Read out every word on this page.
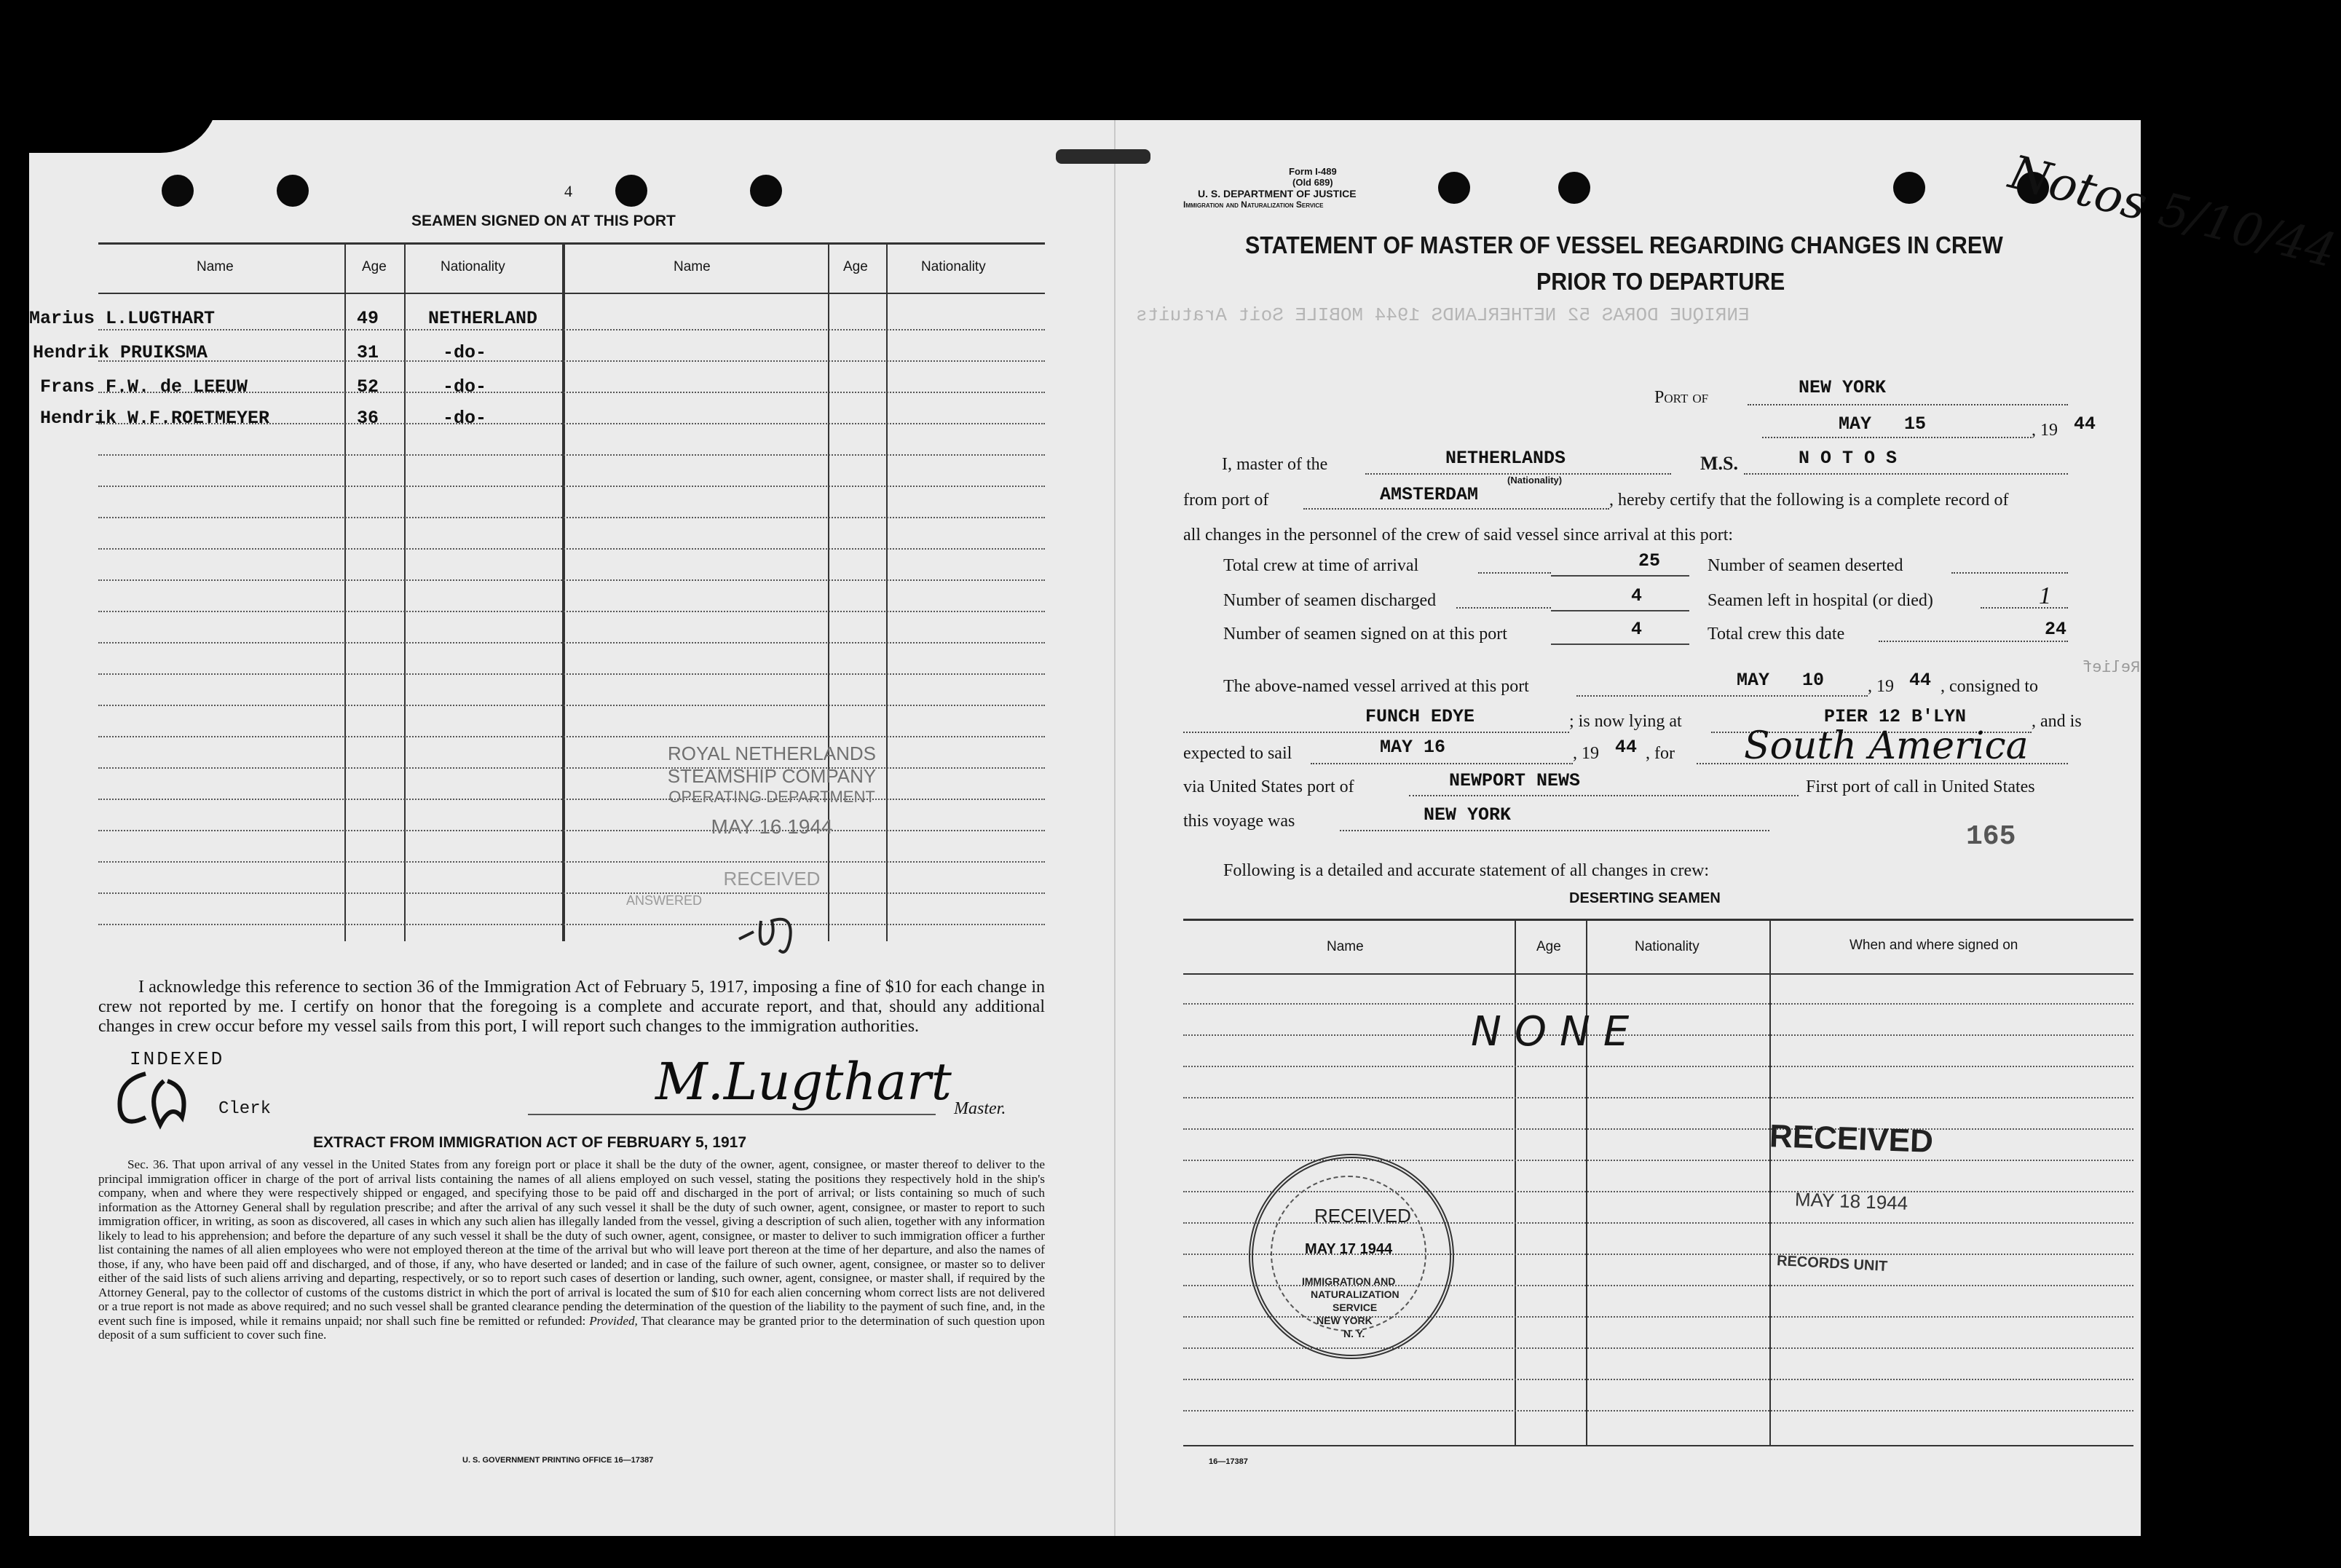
4
SEAMEN SIGNED ON AT THIS PORT
Name	Age	Nationality	Name	Age	Nationality
Marius L.LUGTHART	49	NETHERLAND
Hendrik PRUIKSMA	31	-do-
Frans F.W. de LEEUW	52	-do-
Hendrik W.F.ROETMEYER	36	-do-
ROYAL NETHERLANDS
STEAMSHIP COMPANY
OPERATING DEPARTMENT
MAY 16 1944
RECEIVED
ANSWERED
I acknowledge this reference to section 36 of the Immigration Act of February 5, 1917, imposing a fine of $10 for each change in crew not reported by me. I certify on honor that the foregoing is a complete and accurate report, and that, should any additional changes in crew occur before my vessel sails from this port, I will report such changes to the immigration authorities.
INDEXED
Clerk	M.Lugthart Master.
EXTRACT FROM IMMIGRATION ACT OF FEBRUARY 5, 1917
Sec. 36. That upon arrival of any vessel in the United States from any foreign port or place it shall be the duty of the owner, agent, consignee, or master thereof to deliver to the principal immigration officer in charge of the port of arrival lists containing the names of all aliens employed on such vessel, stating the positions they respectively hold in the ship's company, when and where they were respectively shipped or engaged, and specifying those to be paid off and discharged in the port of arrival; or lists containing so much of such information as the Attorney General shall by regulation prescribe; and after the arrival of any such vessel it shall be the duty of such owner, agent, consignee, or master to report to such immigration officer, in writing, as soon as discovered, all cases in which any such alien has illegally landed from the vessel, giving a description of such alien, together with any information likely to lead to his apprehension; and before the departure of any such vessel it shall be the duty of such owner, agent, consignee, or master to deliver to such immigration officer a further list containing the names of all alien employees who were not employed thereon at the time of the arrival but who will leave port thereon at the time of her departure, and also the names of those, if any, who have been paid off and discharged, and of those, if any, who have deserted or landed; and in case of the failure of such owner, agent, consignee, or master so to deliver either of the said lists of such aliens arriving and departing, respectively, or so to report such cases of desertion or landing, such owner, agent, consignee, or master shall, if required by the Attorney General, pay to the collector of customs of the customs district in which the port of arrival is located the sum of $10 for each alien concerning whom correct lists are not delivered or a true report is not made as above required; and no such vessel shall be granted clearance pending the determination of the question of the liability to the payment of such fine, and, in the event such fine is imposed, while it remains unpaid; nor shall such fine be remitted or refunded: Provided, That clearance may be granted prior to the determination of such question upon deposit of a sum sufficient to cover such fine.
U. S. GOVERNMENT PRINTING OFFICE 16—17387
Form I-489
(Old 689)
U. S. DEPARTMENT OF JUSTICE
Immigration and Naturalization Service	Notos 5/10/44
ENRIQUE DORAS 52 NETHERLANDS 1944 MOBILE Soit Aratuits
Relief
STATEMENT OF MASTER OF VESSEL REGARDING CHANGES IN CREW
PRIOR TO DEPARTURE
Port of	NEW YORK
MAY   15	, 19 44
I, master of the	NETHERLANDS
(Nationality)
M.S.	N O T O S
from port of	AMSTERDAM	, hereby certify that the following is a complete record of
all changes in the personnel of the crew of said vessel since arrival at this port:
Total crew at time of arrival	25	Number of seamen deserted
Number of seamen discharged	4	Seamen left in hospital (or died)	1
Number of seamen signed on at this port	4	Total crew this date	24
The above-named vessel arrived at this port	MAY   10 , 19 44 , consigned to
FUNCH EDYE	; is now lying at	PIER 12 B'LYN	, and is
expected to sail	MAY 16	, 19 44 , for South America
via United States port of	NEWPORT NEWS	First port of call in United States
this voyage was	NEW YORK
165
Following is a detailed and accurate statement of all changes in crew:
DESERTING SEAMEN
Name	Age	Nationality	When and where signed on
NONE
RECEIVED
MAY 18 1944
RECORDS UNIT
RECEIVED
MAY 17 1944
IMMIGRATION AND
NATURALIZATION
SERVICE
NEW YORK
N. Y.
16—17387
